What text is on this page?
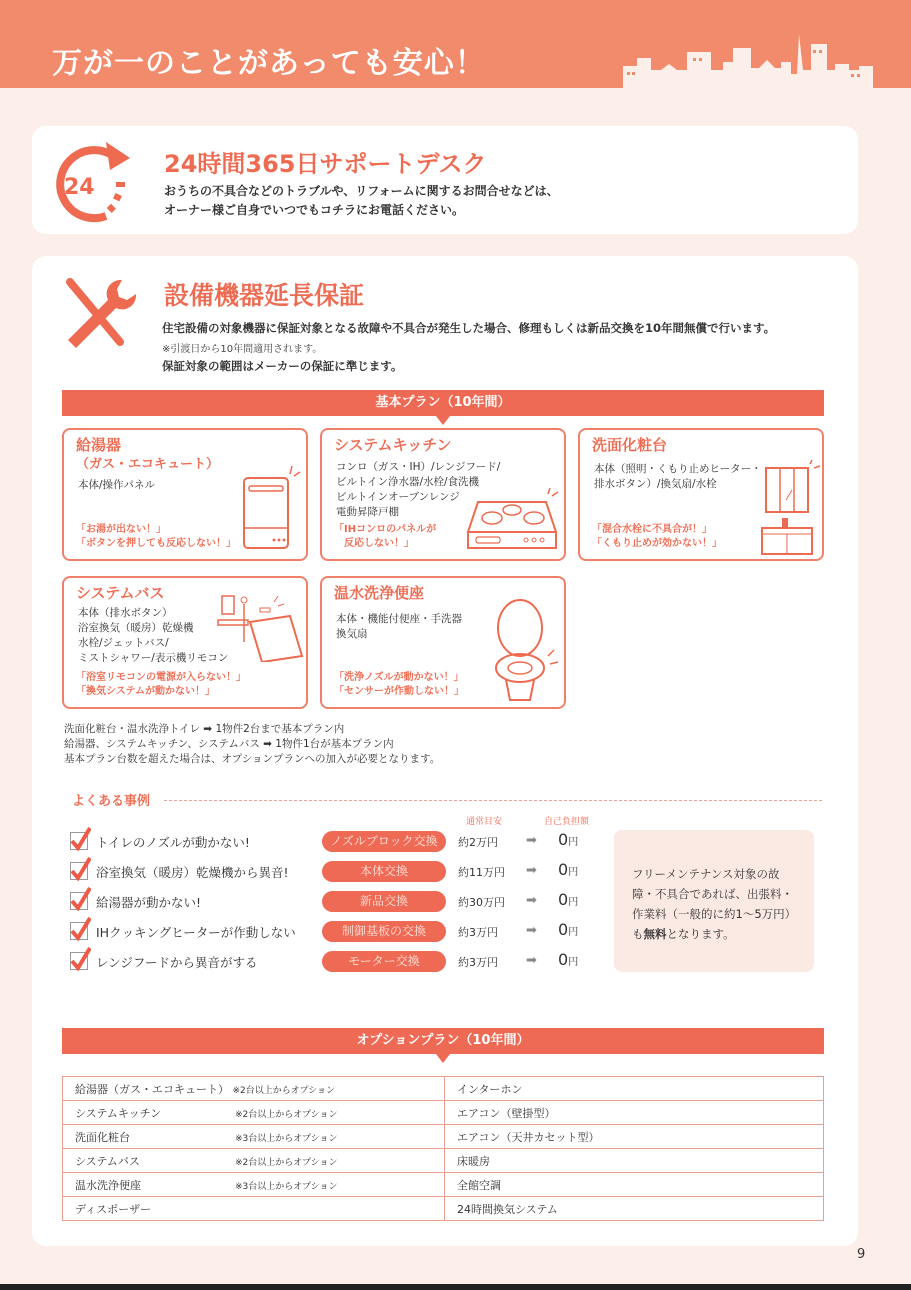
万が一のことがあっても安心！
24
24時間365日サポートデスク
おうちの不具合などのトラブルや、リフォームに関するお問合せなどは、
オーナー様ご自身でいつでもコチラにお電話ください。
設備機器延長保証
住宅設備の対象機器に保証対象となる故障や不具合が発生した場合、修理もしくは新品交換を10年間無償で行います。
※引渡日から10年間適用されます。
保証対象の範囲はメーカーの保証に準じます。
基本プラン（10年間）
給湯器
（ガス・エコキュート）
本体/操作パネル
「お湯が出ない！」
「ボタンを押しても反応しない！」
システムキッチン
コンロ（ガス・IH）/レンジフード/
ビルトイン浄水器/水栓/食洗機
ビルトインオーブンレンジ
電動昇降戸棚
「IHコンロのパネルが
　反応しない！」
洗面化粧台
本体（照明・くもり止めヒーター・
排水ボタン）/換気扇/水栓
「混合水栓に不具合が！」
「くもり止めが効かない！」
システムバス
本体（排水ボタン）
浴室換気（暖房）乾燥機
水栓/ジェットバス/
ミストシャワー/表示機リモコン
「浴室リモコンの電源が入らない！」
「換気システムが動かない！」
温水洗浄便座
本体・機能付便座・手洗器
換気扇
「洗浄ノズルが動かない！」
「センサーが作動しない！」
洗面化粧台・温水洗浄トイレ ➡ 1物件2台まで基本プラン内
給湯器、システムキッチン、システムバス ➡ 1物件1台が基本プラン内
基本プラン台数を超えた場合は、オプションプランへの加入が必要となります。
よくある事例
通常目安	自己負担額
トイレのノズルが動かない!	ノズルブロック交換	約2万円	➡ 0円
浴室換気（暖房）乾燥機から異音!	本体交換	約11万円	➡ 0円
給湯器が動かない!	新品交換	約30万円	➡ 0円
IHクッキングヒーターが作動しない	制御基板の交換	約3万円	➡ 0円
レンジフードから異音がする	モーター交換	約3万円	➡ 0円
フリーメンテナンス対象の故障・不具合であれば、出張料・作業料（一般的に約1〜5万円）も無料となります。
オプションプラン（10年間）
給湯器（ガス・エコキュート） ※2台以上からオプション	インターホン
システムキッチン ※2台以上からオプション	エアコン（壁掛型）
洗面化粧台 ※3台以上からオプション	エアコン（天井カセット型）
システムバス ※2台以上からオプション	床暖房
温水洗浄便座 ※3台以上からオプション	全館空調
ディスポーザー	24時間換気システム
9
